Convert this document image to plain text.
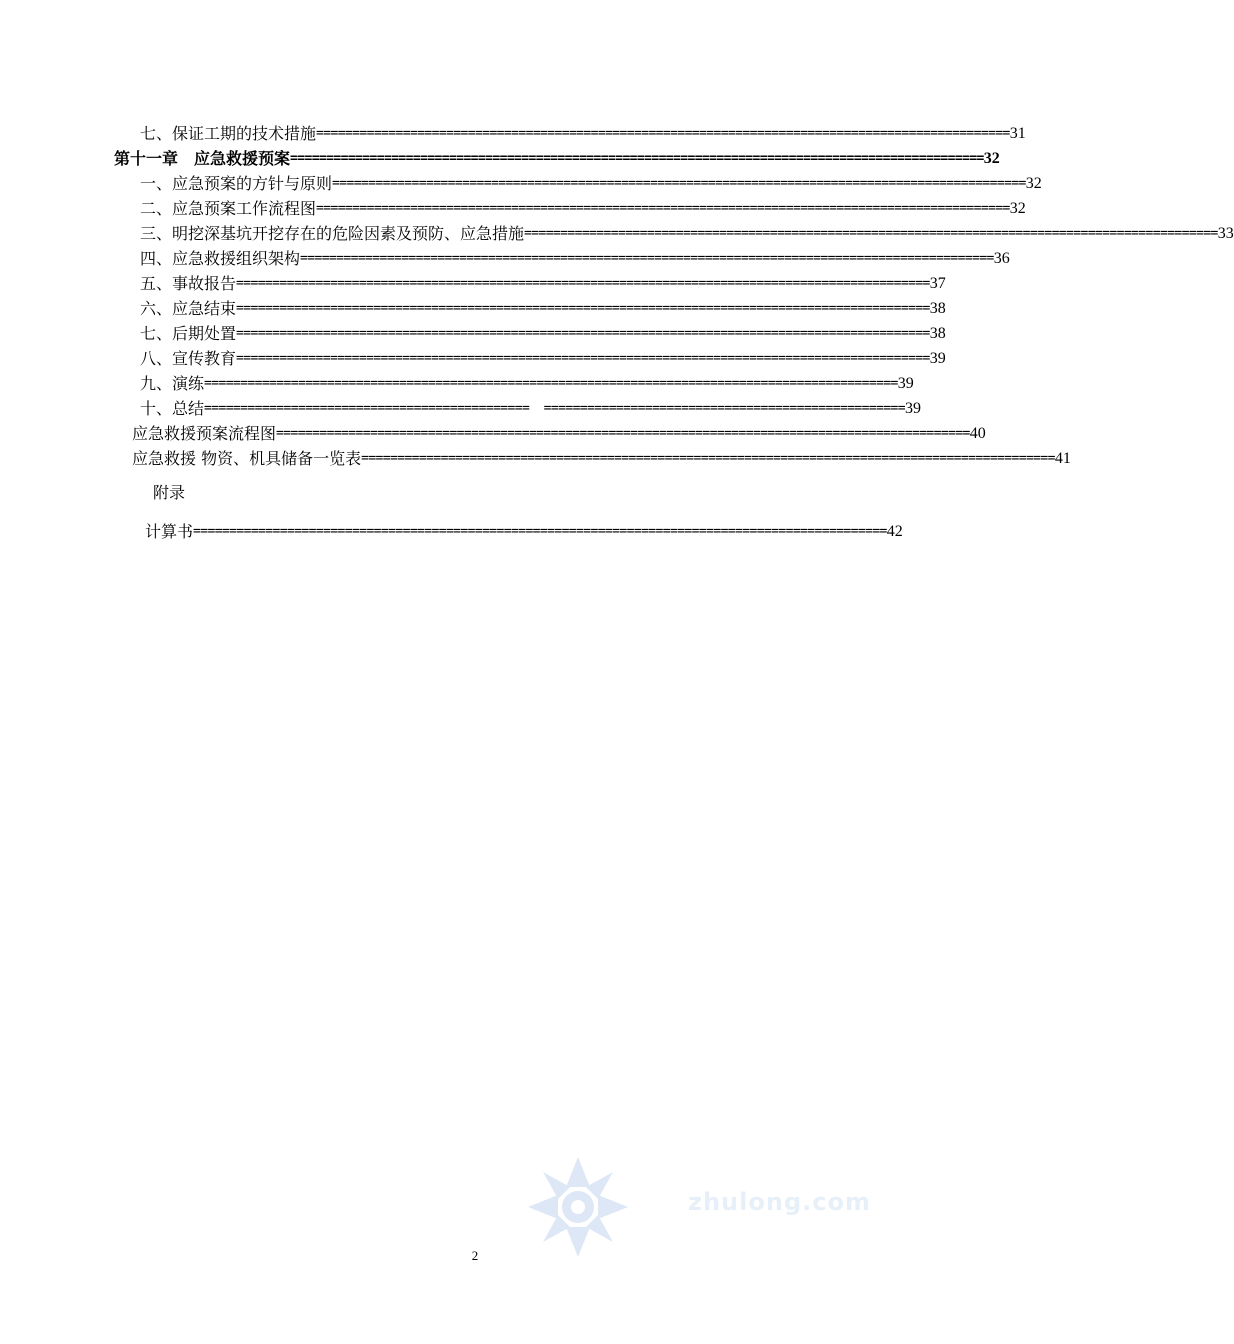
七、保证工期的技术措施 ================================================================================================ 31
第十一章　应急救援预案 ================================================================================================ 32
一、应急预案的方针与原则 ================================================================================================ 32
二、应急预案工作流程图 ================================================================================================ 32
三、明挖深基坑开挖存在的危险因素及预防、应急措施 ================================================================================================ 33
四、应急救援组织架构 ================================================================================================ 36
五、事故报告 ================================================================================================ 37
六、应急结束 ================================================================================================ 38
七、后期处置 ================================================================================================ 38
八、宣传教育 ================================================================================================ 39
九、演练 ================================================================================================ 39
十、总结 =============================================  ================================================== 39
应急救援预案流程图 ================================================================================================ 40
应急救援 物资、机具储备一览表 ================================================================================================ 41
附录
计算书 ================================================================================================ 42
zhulong.com
2
